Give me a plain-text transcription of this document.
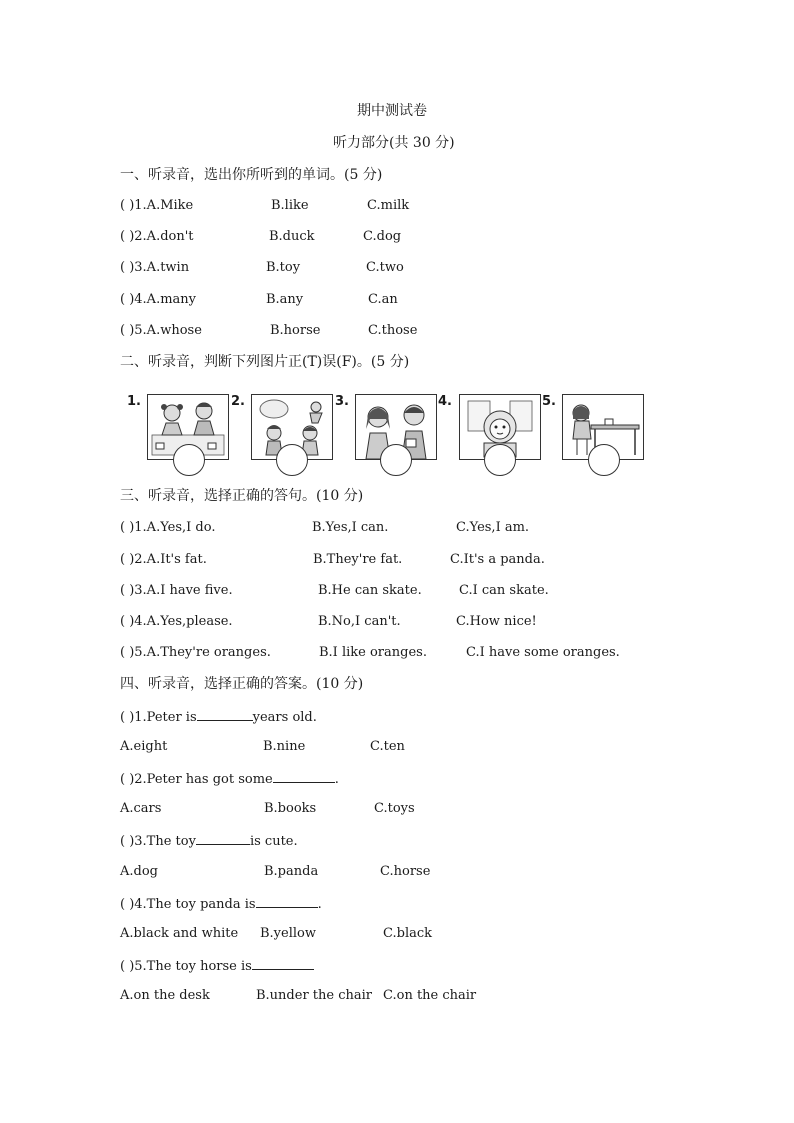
期中测试卷
听力部分(共 30 分)
一、听录音，选出你所听到的单词。(5 分)
( )1.A.Mike	B.like	C.milk
( )2.A.don't	B.duck	C.dog
( )3.A.twin	B.toy	C.two
( )4.A.many	B.any	C.an
( )5.A.whose	B.horse	C.those
二、听录音，判断下列图片正(T)误(F)。(5 分)
1.	2.	3.	4.	5.
三、听录音，选择正确的答句。(10 分)
( )1.A.Yes,I do.	B.Yes,I can.	C.Yes,I am.
( )2.A.It's fat.	B.They're fat.	C.It's a panda.
( )3.A.I have five.	B.He can skate.	C.I can skate.
( )4.A.Yes,please.	B.No,I can't.	C.How nice!
( )5.A.They're oranges.	B.I like oranges.	C.I have some oranges.
四、听录音，选择正确的答案。(10 分)
( )1.Peter is	years old.
A.eight	B.nine	C.ten
( )2.Peter has got some	.
A.cars	B.books	C.toys
( )3.The toy	is cute.
A.dog	B.panda	C.horse
( )4.The toy panda is	.
A.black and white B.yellow	C.black
( )5.The toy horse is
A.on the desk	B.under the chair C.on the chair
